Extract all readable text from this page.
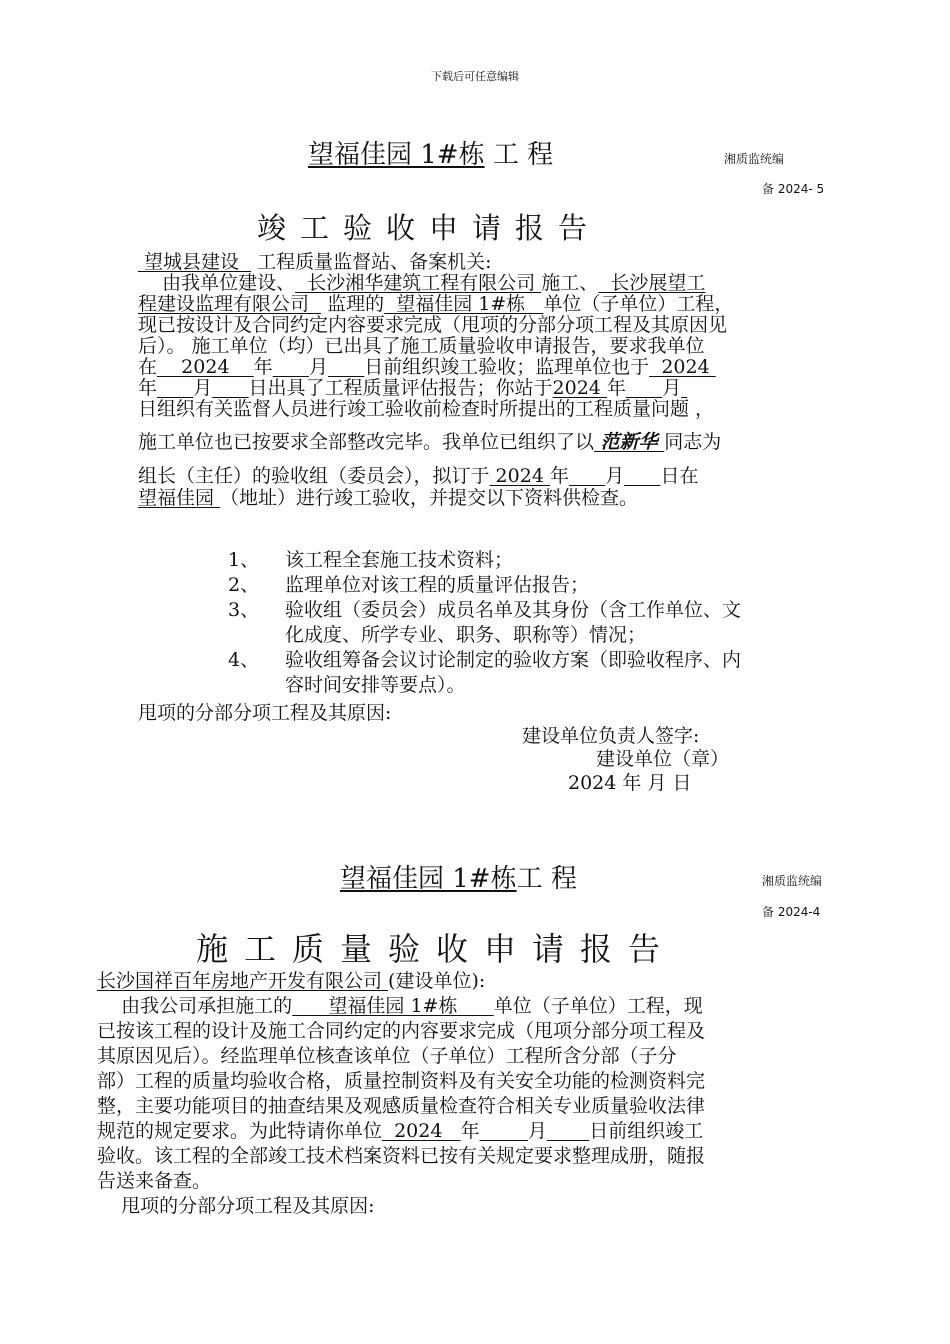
下载后可任意编辑
望福佳园 1#栋 工 程	湘质监统编
备 2024- 5
竣工验收申请报告
望城县建设   工程质量监督站、备案机关:
由我单位建设、  长沙湘华建筑工程有限公司 施工、  长沙展望工
程建设监理有限公司   监理的  望福佳园 1#栋   单位（子单位）工程，
现已按设计及合同约定内容要求完成（甩项的分部分项工程及其原因见
后）。 施工单位（均）已出具了施工质量验收申请报告，要求我单位
在    2024    年 月 日前组织竣工验收；监理单位也于  2024
年 月 日出具了工程质量评估报告；你站于2024 年 月
日组织有关监督人员进行竣工验收前检查时所提出的工程质量问题 ，
施工单位也已按要求全部整改完毕。我单位已组织了以 范新华 同志为
组长（主任）的验收组（委员会），拟订于 2024 年 月 日在
望福佳园 （地址）进行竣工验收，并提交以下资料供检查。
1、 该工程全套施工技术资料；
2、 监理单位对该工程的质量评估报告；
3、 验收组（委员会）成员名单及其身份（含工作单位、文
化成度、所学专业、职务、职称等）情况；
4、 验收组筹备会议讨论制定的验收方案（即验收程序、内
容时间安排等要点）。
甩项的分部分项工程及其原因:
建设单位负责人签字:
建设单位（章）
2024 年 月 日
望福佳园 1#栋工 程	湘质监统编
备 2024-4
施工质量验收申请报告
长沙国祥百年房地产开发有限公司 (建设单位):
由我公司承担施工的      望福佳园 1#栋      单位（子单位）工程，现
已按该工程的设计及施工合同约定的内容要求完成（甩项分部分项工程及
其原因见后）。经监理单位核查该单位（子单位）工程所含分部（子分
部）工程的质量均验收合格，质量控制资料及有关安全功能的检测资料完
整，主要功能项目的抽查结果及观感质量检查符合相关专业质量验收法律
规范的规定要求。为此特请你单位  2024   年	月 日前组织竣工
验收。该工程的全部竣工技术档案资料已按有关规定要求整理成册，随报
告送来备查。
甩项的分部分项工程及其原因:
